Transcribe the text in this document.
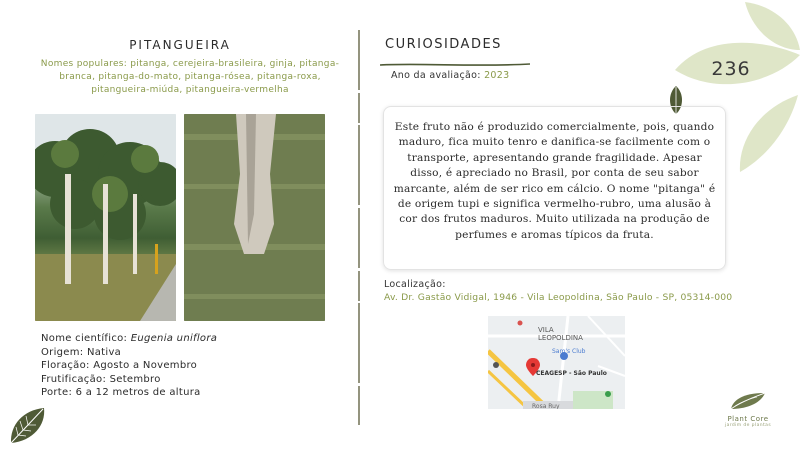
PITANGUEIRA
Nomes populares: pitanga, cerejeira-brasileira, ginja, pitanga-branca, pitanga-do-mato, pitanga-rósea, pitanga-roxa, pitangueira-miúda, pitangueira-vermelha
Nome científico: Eugenia uniflora
Origem: Nativa
Floração: Agosto a Novembro
Frutificação: Setembro
Porte: 6 a 12 metros de altura
CURIOSIDADES
Ano da avaliação: 2023
Este fruto não é produzido comercialmente, pois, quando maduro, fica muito tenro e danifica-se facilmente com o transporte, apresentando grande fragilidade. Apesar disso, é apreciado no Brasil, por conta de seu sabor marcante, além de ser rico em cálcio. O nome "pitanga" é de origem tupi e significa vermelho-rubro, uma alusão à cor dos frutos maduros. Muito utilizada na produção de perfumes e aromas típicos da fruta.
Localização:
Av. Dr. Gastão Vidigal, 1946 - Vila Leopoldina, São Paulo - SP, 05314-000
VILA LEOPOLDINA
Sam's Club
CEAGESP - São Paulo
Rosa Ruy
236
Plant Core
jardim de plantas
